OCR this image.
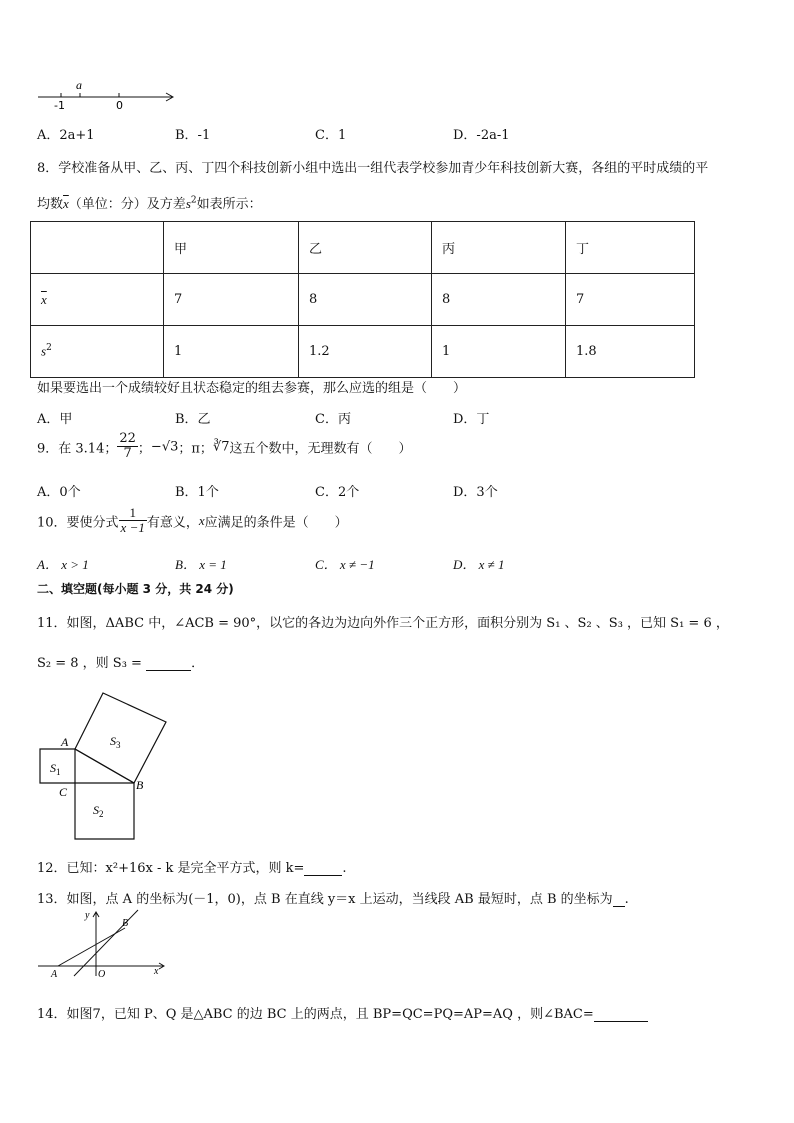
a
-1	0
A．2a+1	B．-1	C．1	D．-2a-1
8．学校准备从甲、乙、丙、丁四个科技创新小组中选出一组代表学校参加青少年科技创新大赛，各组的平时成绩的平
均数$\overline{x}$（单位：分）及方差$s^2$如表所示：
	甲	乙	丙	丁
$\overline{x}$	7	8	8	7
$s^2$	1	1.2	1	1.8
如果要选出一个成绩较好且状态稳定的组去参赛，那么应选的组是（　　）
A．甲	B．乙	C．丙	D．丁
9．在 3.14； $\frac{22}{7}$ ；−√3；π；∛7这五个数中，无理数有（　　）
A．0个	B．1个	C．2个	D．3个
10．要使分式 $\frac{1}{x -1}$ 有意义，x应满足的条件是（　　）
A． x > 1	B． x = 1	C． x ≠ −1	D． x ≠ 1
二、填空题(每小题 3 分，共 24 分)
11．如图，ΔABC 中，∠ACB = 90°，以它的各边为边向外作三个正方形，面积分别为 S₁ 、S₂ 、S₃ ，已知 S₁ = 6 ，
S₂ = 8 ，则 S₃ =	．
A
B
C
$S_1$
$S_2$
$S_3$
12．已知：x²+16x - k 是完全平方式，则 k=	.
13．如图，点 A 的坐标为(－1，0)，点 B 在直线 y＝x 上运动，当线段 AB 最短时，点 B 的坐标为 .
y
x
A
B
O
14．如图7，已知 P、Q 是△ABC 的边 BC 上的两点，且 BP=QC=PQ=AP=AQ ，则∠BAC=
